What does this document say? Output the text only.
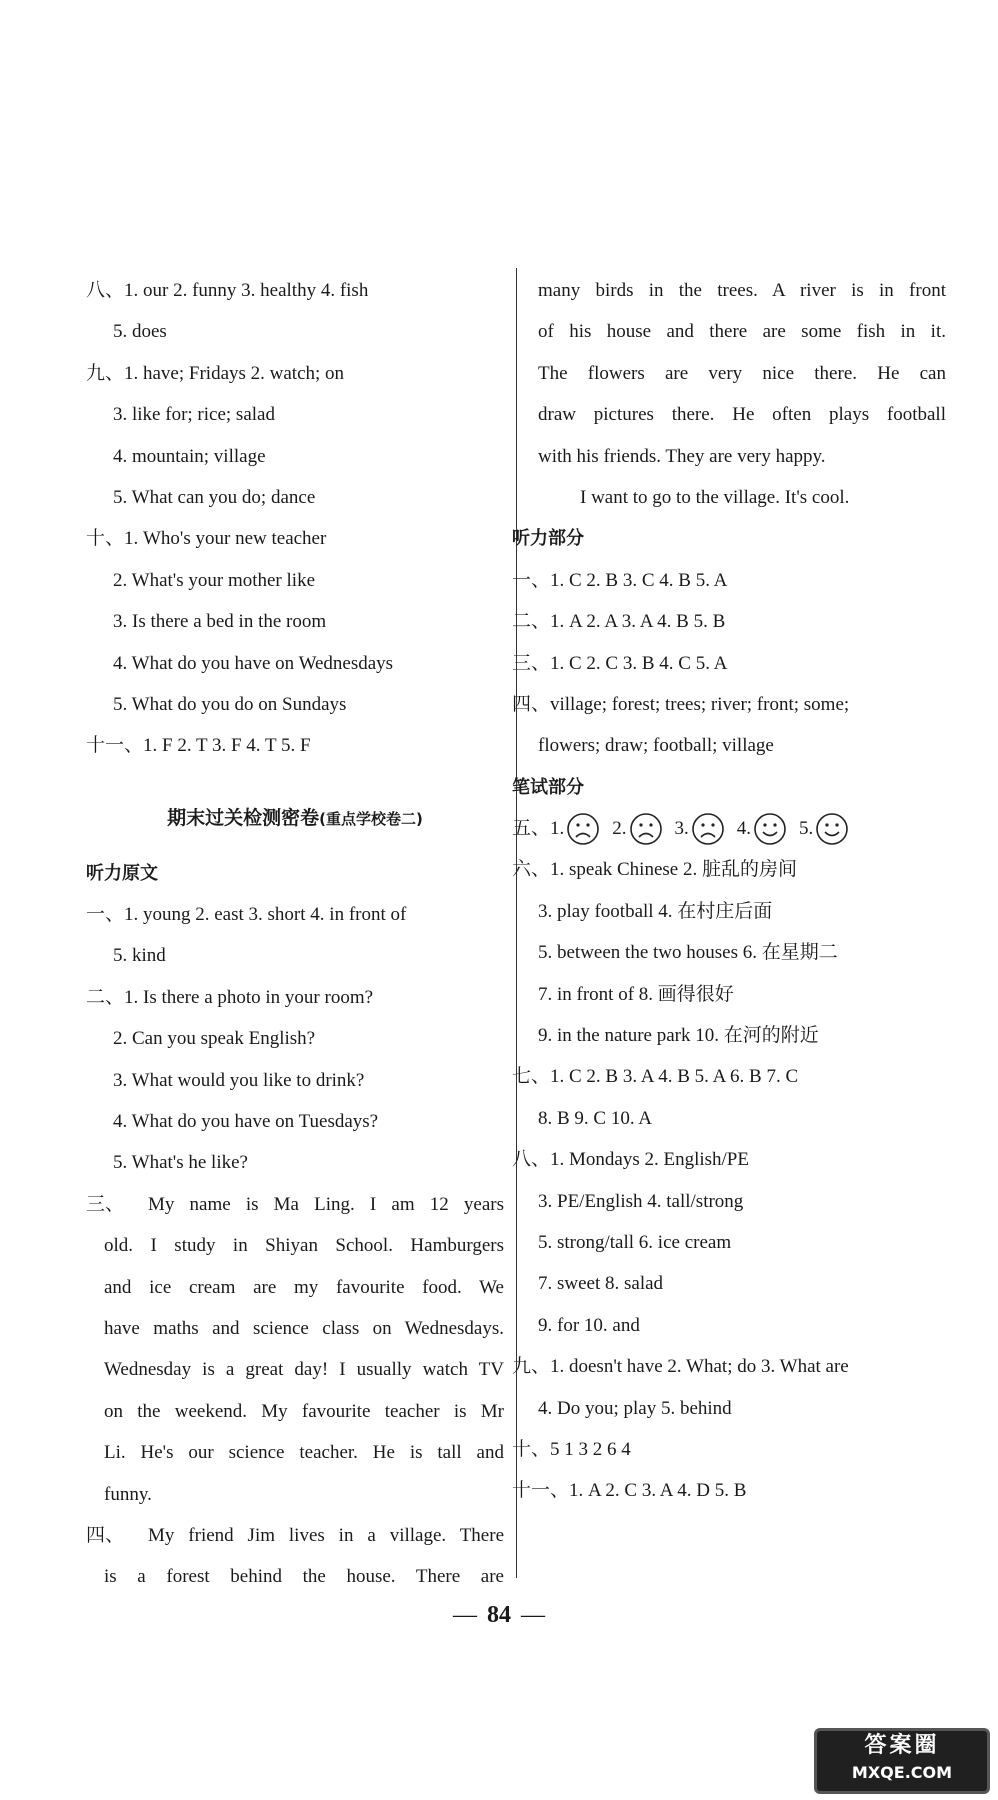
八、1. our 2. funny 3. healthy 4. fish
5. does
九、1. have; Fridays 2. watch; on
3. like for; rice; salad
4. mountain; village
5. What can you do; dance
十、1. Who's your new teacher
2. What's your mother like
3. Is there a bed in the room
4. What do you have on Wednesdays
5. What do you do on Sundays
十一、1. F 2. T 3. F 4. T 5. F
期末过关检测密卷(重点学校卷二)
听力原文
一、1. young 2. east 3. short 4. in front of
5. kind
二、1. Is there a photo in your room?
2. Can you speak English?
3. What would you like to drink?
4. What do you have on Tuesdays?
5. What's he like?
三、	My name is Ma Ling. I am 12 years
old. I study in Shiyan School. Hamburgers
and ice cream are my favourite food. We
have maths and science class on Wednesdays.
Wednesday is a great day! I usually watch TV
on the weekend. My favourite teacher is Mr
Li. He's our science teacher. He is tall and
funny.
四、	My friend Jim lives in a village. There
is a forest behind the house. There are
many birds in the trees. A river is in front
of his house and there are some fish in it.
The flowers are very nice there. He can
draw pictures there. He often plays football
with his friends. They are very happy.
I want to go to the village. It's cool.
听力部分
一、1. C 2. B 3. C 4. B 5. A
二、1. A 2. A 3. A 4. B 5. B
三、1. C 2. C 3. B 4. C 5. A
四、village; forest; trees; river; front; some;
flowers; draw; football; village
笔试部分
五、 1.	2.	3.	4.	5.
六、1. speak Chinese 2. 脏乱的房间
3. play football 4. 在村庄后面
5. between the two houses 6. 在星期二
7. in front of 8. 画得很好
9. in the nature park 10. 在河的附近
七、1. C 2. B 3. A 4. B 5. A 6. B 7. C
8. B 9. C 10. A
八、1. Mondays 2. English/PE
3. PE/English 4. tall/strong
5. strong/tall 6. ice cream
7. sweet 8. salad
9. for 10. and
九、1. doesn't have 2. What; do 3. What are
4. Do you; play 5. behind
十、5 1 3 2 6 4
十一、1. A 2. C 3. A 4. D 5. B
— 84 —
答案圈
MXQE.COM
